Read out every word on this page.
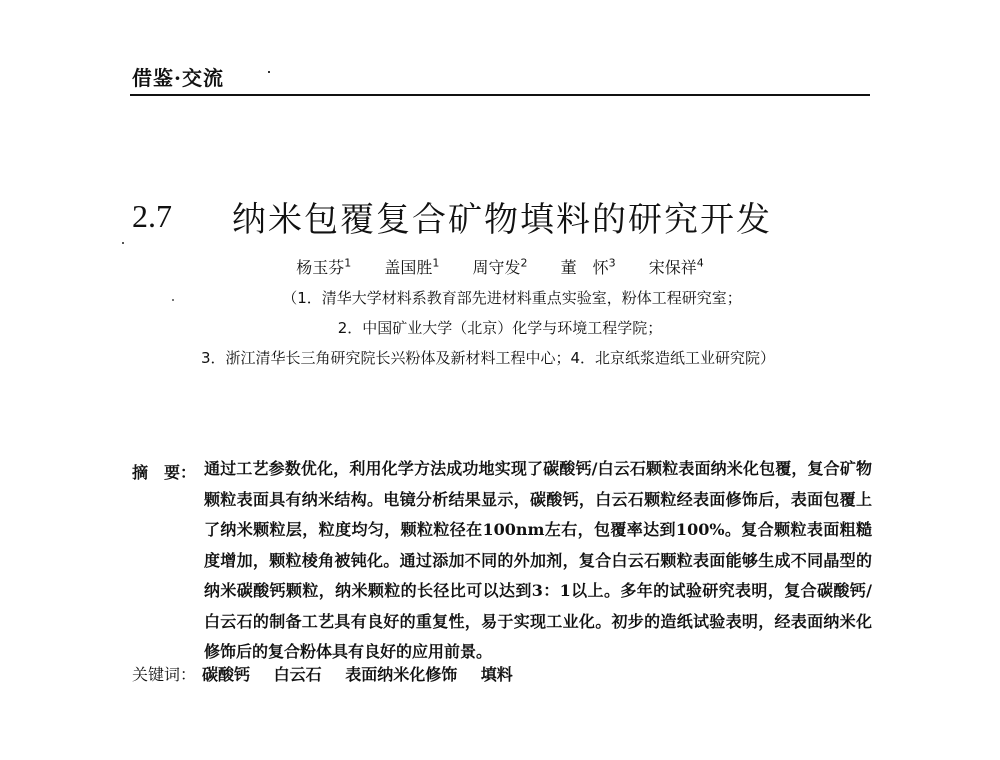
借鉴·交流
2.7 纳米包覆复合矿物填料的研究开发
杨玉芬$^1$ 盖国胜$^1$ 周守发$^2$ 董　怀$^3$ 宋保祥$^4$
（1．清华大学材料系教育部先进材料重点实验室，粉体工程研究室；
2．中国矿业大学（北京）化学与环境工程学院；
3．浙江清华长三角研究院长兴粉体及新材料工程中心；4．北京纸浆造纸工业研究院）
摘　要： 通过工艺参数优化，利用化学方法成功地实现了碳酸钙/白云石颗粒表面纳米化包覆，复合矿物颗粒表面具有纳米结构。电镜分析结果显示，碳酸钙，白云石颗粒经表面修饰后，表面包覆上了纳米颗粒层，粒度均匀，颗粒粒径在100nm左右，包覆率达到100%。复合颗粒表面粗糙度增加，颗粒棱角被钝化。通过添加不同的外加剂，复合白云石颗粒表面能够生成不同晶型的纳米碳酸钙颗粒，纳米颗粒的长径比可以达到3：1以上。多年的试验研究表明，复合碳酸钙/白云石的制备工艺具有良好的重复性，易于实现工业化。初步的造纸试验表明，经表面纳米化修饰后的复合粉体具有良好的应用前景。
关键词： 碳酸钙 白云石 表面纳米化修饰 填料
